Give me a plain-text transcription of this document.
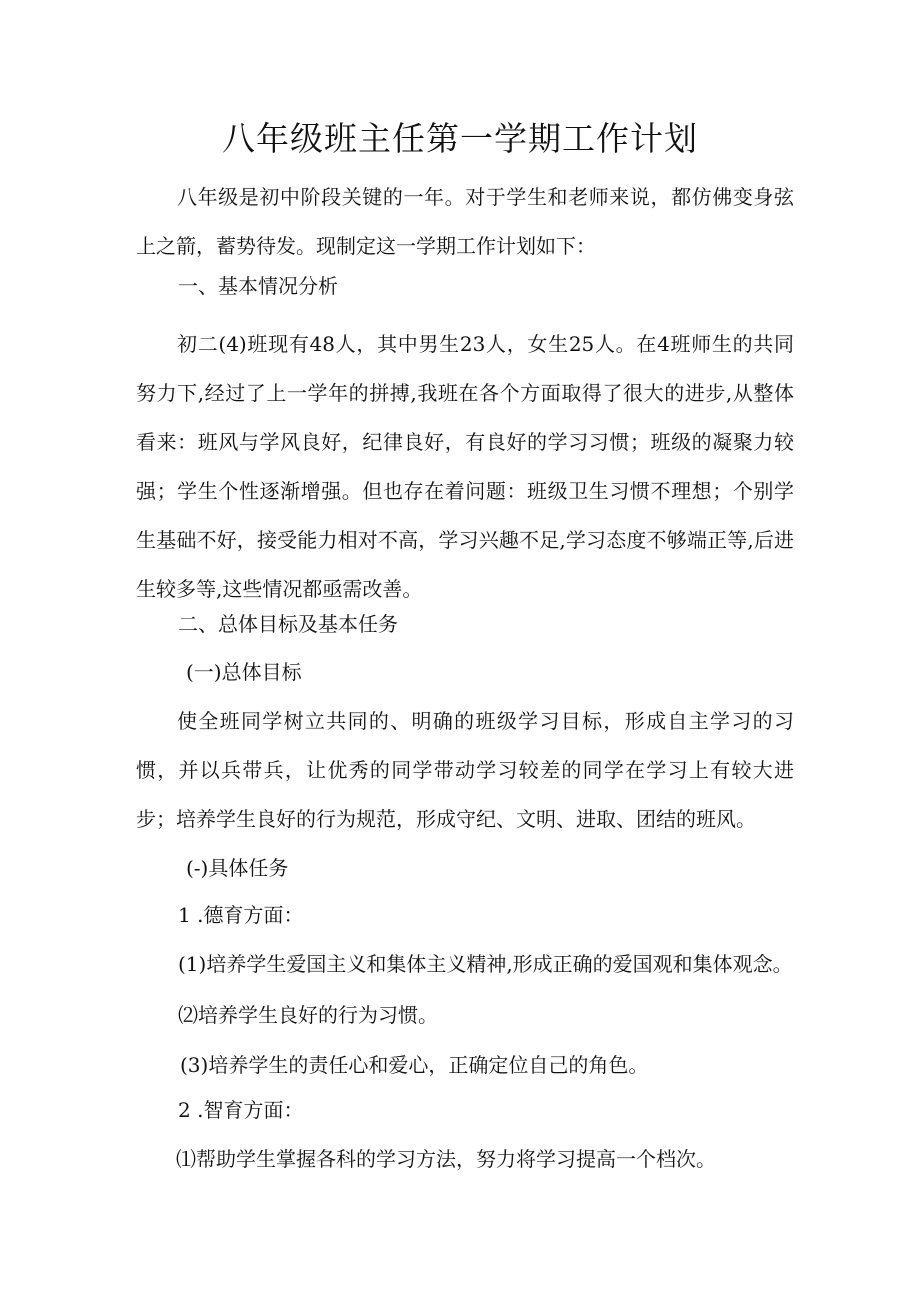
八年级班主任第一学期工作计划
八年级是初中阶段关键的一年。对于学生和老师来说，都仿佛变身弦上之箭，蓄势待发。现制定这一学期工作计划如下：
一、基本情况分析
初二(4)班现有48人，其中男生23人，女生25人。在4班师生的共同努力下,经过了上一学年的拼搏,我班在各个方面取得了很大的进步,从整体看来：班风与学风良好，纪律良好，有良好的学习习惯；班级的凝聚力较强；学生个性逐渐增强。但也存在着问题：班级卫生习惯不理想；个别学生基础不好，接受能力相对不高，学习兴趣不足,学习态度不够端正等,后进生较多等,这些情况都亟需改善。
二、总体目标及基本任务
(一)总体目标
使全班同学树立共同的、明确的班级学习目标，形成自主学习的习惯，并以兵带兵，让优秀的同学带动学习较差的同学在学习上有较大进步；培养学生良好的行为规范，形成守纪、文明、进取、团结的班风。
(-)具体任务
1 .德育方面：
(1)培养学生爱国主义和集体主义精神,形成正确的爱国观和集体观念。
⑵培养学生良好的行为习惯。
(3)培养学生的责任心和爱心，正确定位自己的角色。
2 .智育方面：
⑴帮助学生掌握各科的学习方法，努力将学习提高一个档次。
